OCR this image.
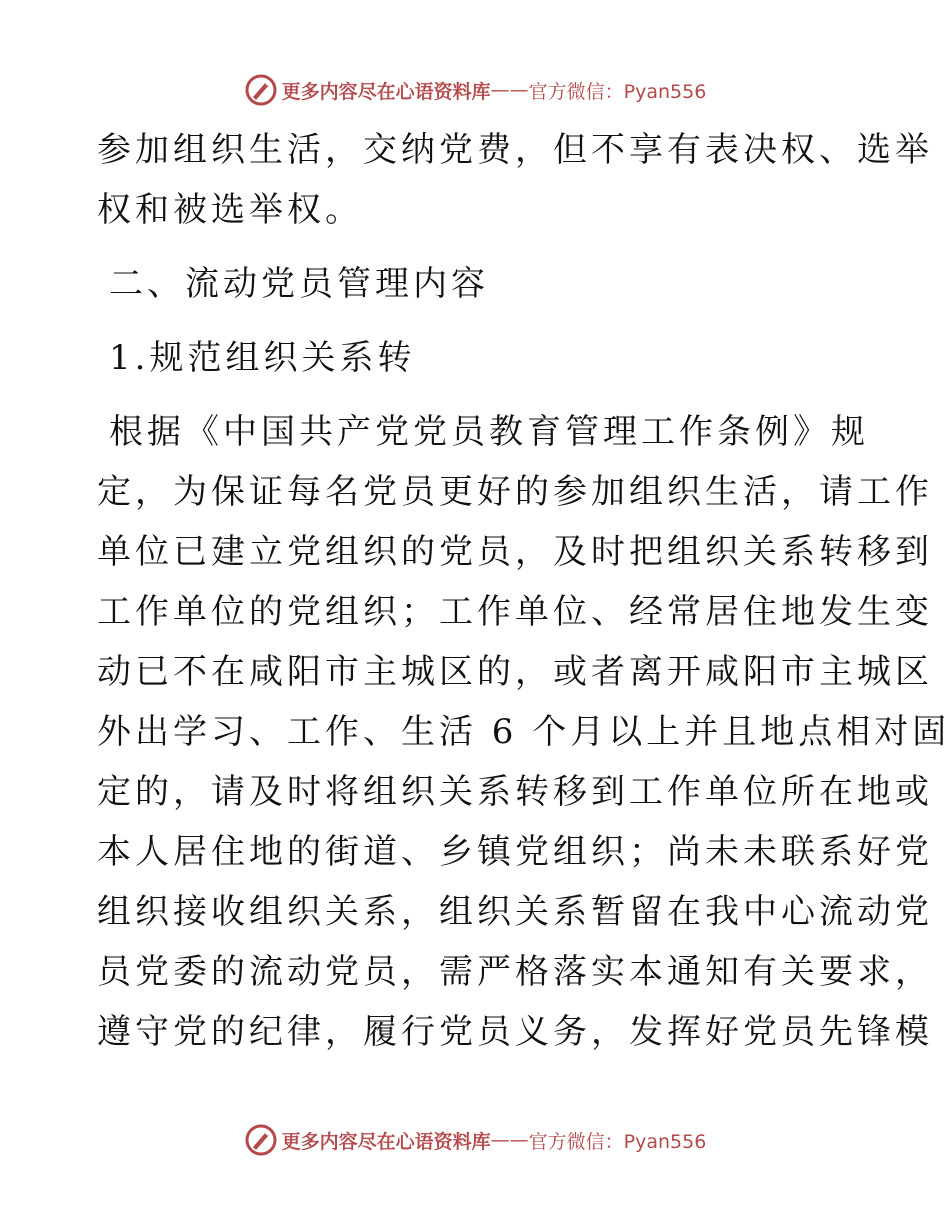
更多内容尽在心语资料库 —— 官方微信：Pyan556
参加组织生活，交纳党费，但不享有表决权、选举
权和被选举权。
二、流动党员管理内容
1.规范组织关系转
根据《中国共产党党员教育管理工作条例》规
定，为保证每名党员更好的参加组织生活，请工作
单位已建立党组织的党员，及时把组织关系转移到
工作单位的党组织；工作单位、经常居住地发生变
动已不在咸阳市主城区的，或者离开咸阳市主城区
外出学习、工作、生活 6 个月以上并且地点相对固
定的，请及时将组织关系转移到工作单位所在地或
本人居住地的街道、乡镇党组织；尚未未联系好党
组织接收组织关系，组织关系暂留在我中心流动党
员党委的流动党员，需严格落实本通知有关要求，
遵守党的纪律，履行党员义务，发挥好党员先锋模
更多内容尽在心语资料库 —— 官方微信：Pyan556
